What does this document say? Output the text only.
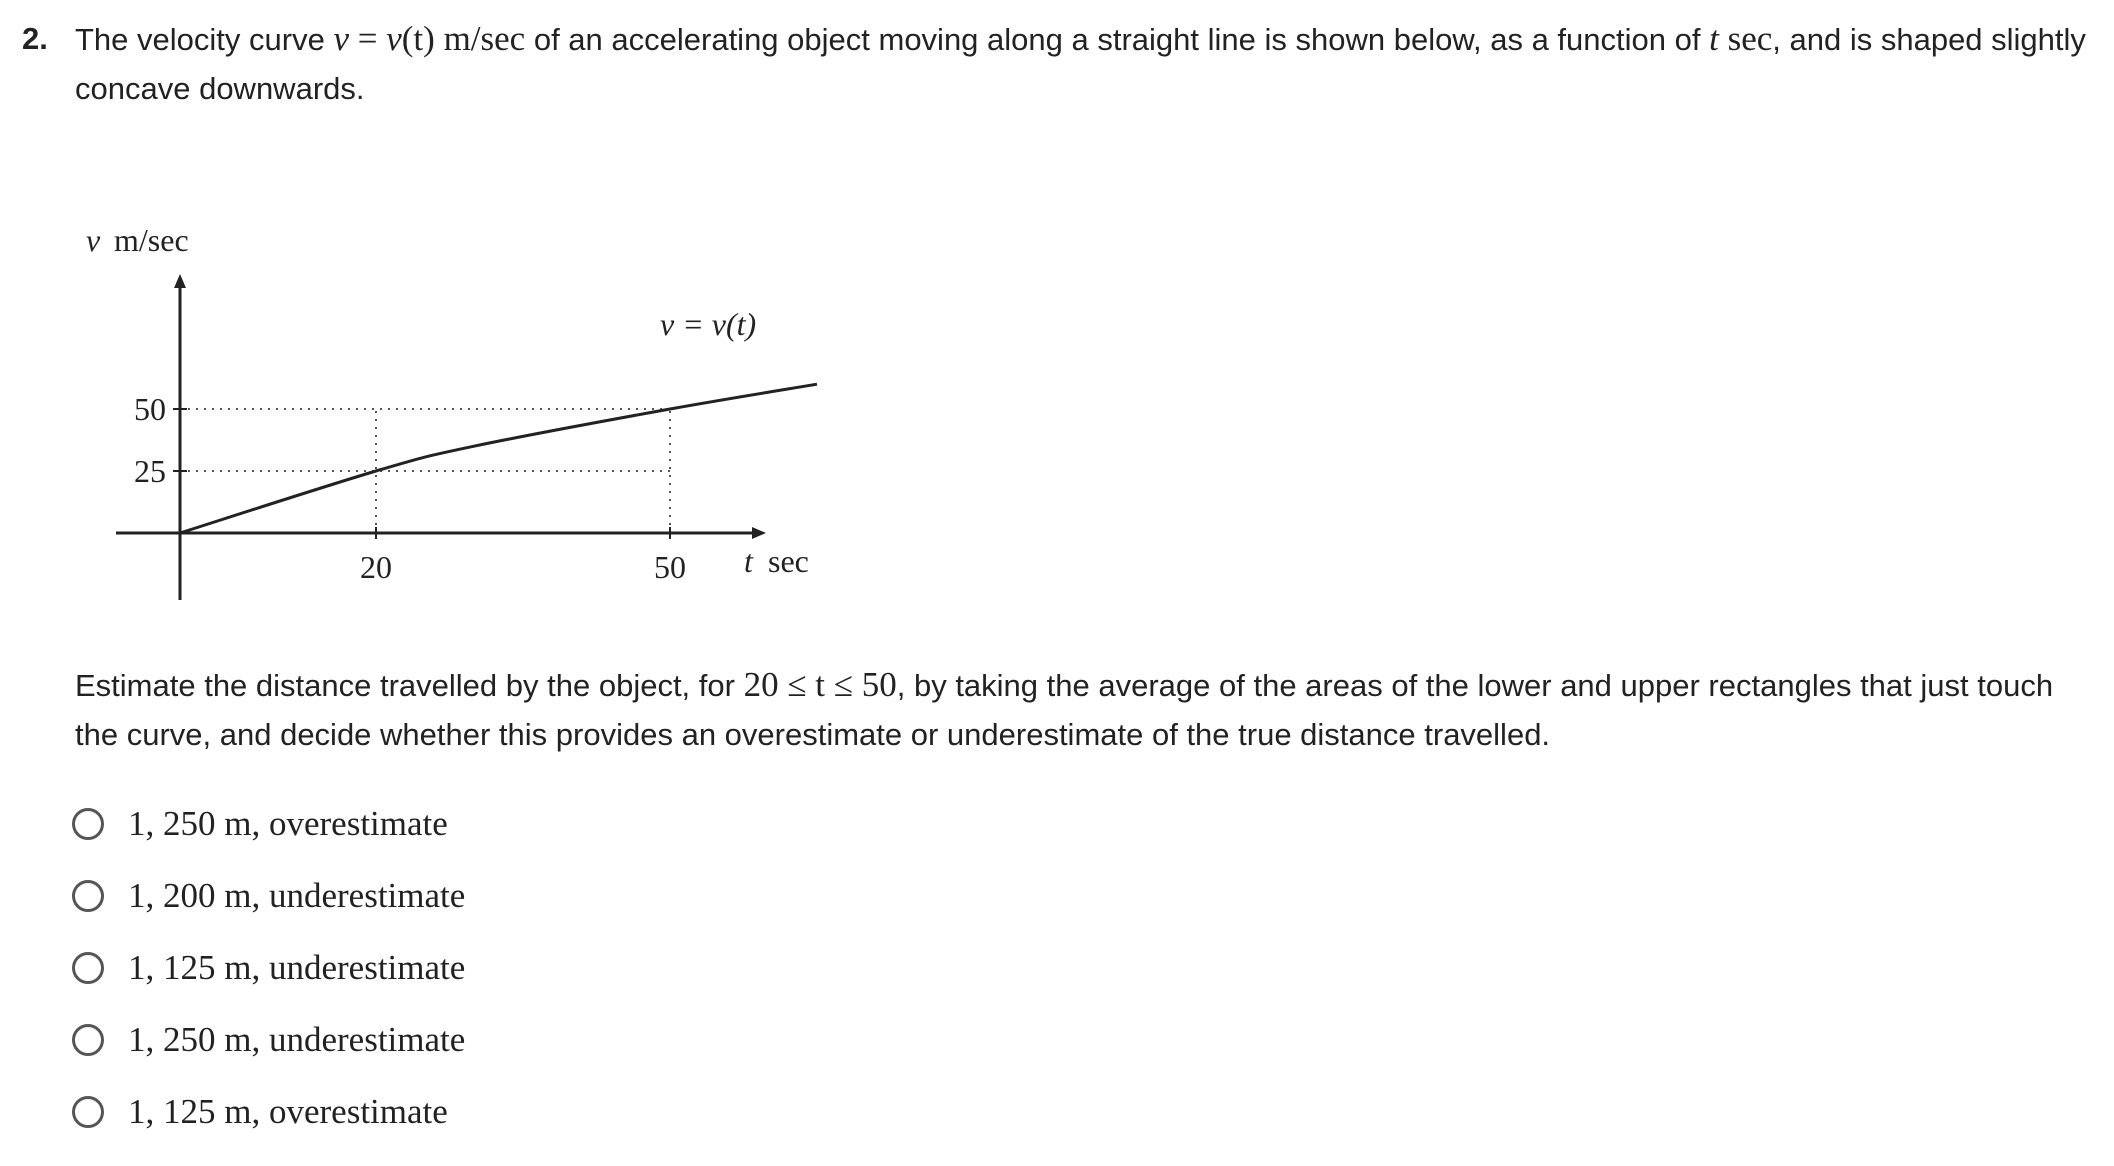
2. The velocity curve v = v(t) m/sec of an accelerating object moving along a straight line is shown below, as a function of t sec, and is shaped slightly concave downwards.
v m/sec
20	50
25
50
v = v(t)
t sec
Estimate the distance travelled by the object, for 20 ≤ t ≤ 50, by taking the average of the areas of the lower and upper rectangles that just touch the curve, and decide whether this provides an overestimate or underestimate of the true distance travelled.
1, 250 m, overestimate
1, 200 m, underestimate
1, 125 m, underestimate
1, 250 m, underestimate
1, 125 m, overestimate
